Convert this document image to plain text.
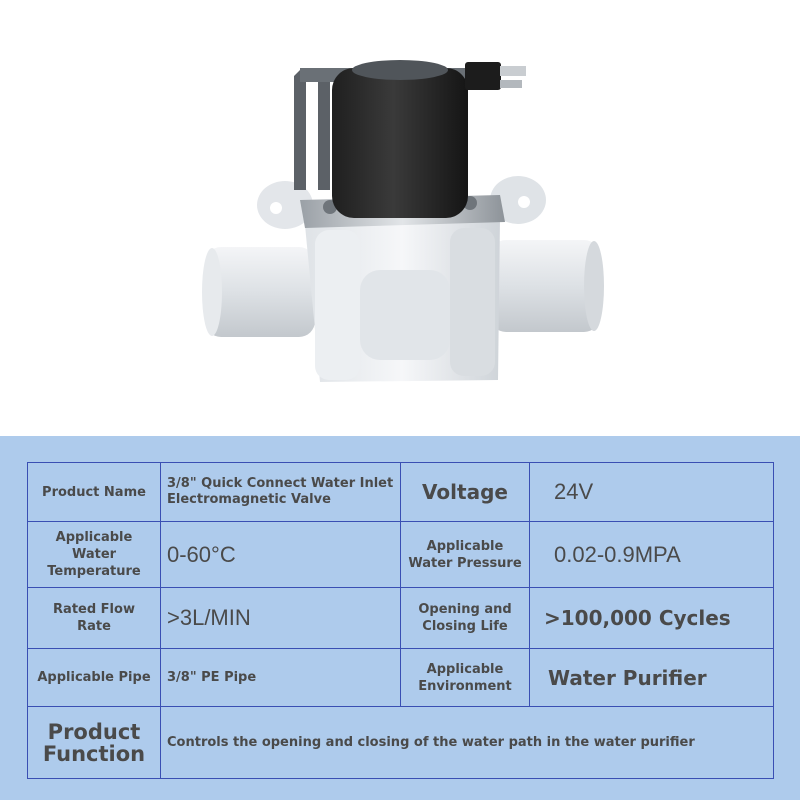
Product Name	3/8" Quick Connect Water Inlet Electromagnetic Valve	Voltage	24V
Applicable Water Temperature	0-60°C	Applicable Water Pressure	0.02-0.9MPA
Rated Flow Rate	>3L/MIN	Opening and Closing Life	>100,000 Cycles
Applicable Pipe	3/8" PE Pipe	Applicable Environment	Water Purifier
Product Function	Controls the opening and closing of the water path in the water purifier		
